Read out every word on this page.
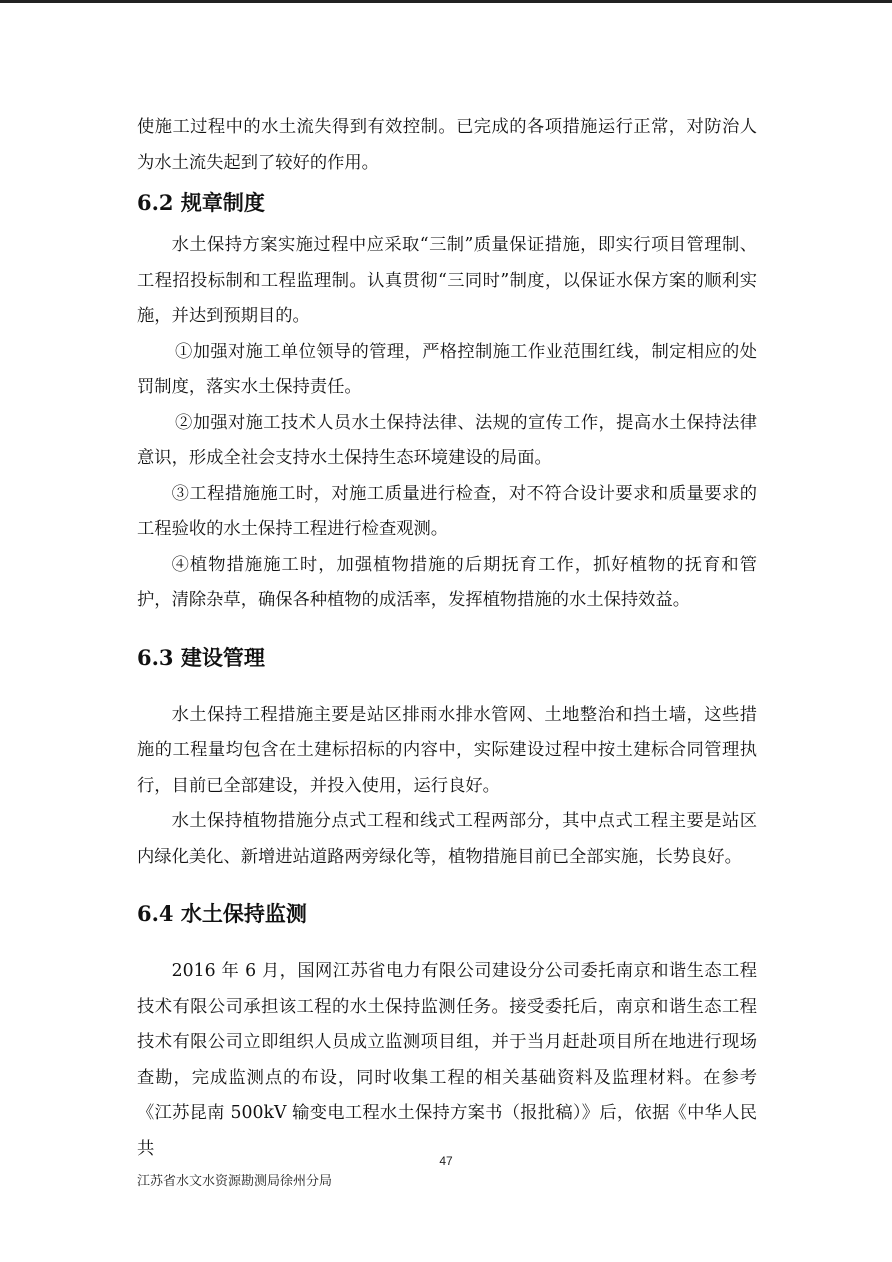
使施工过程中的水土流失得到有效控制。已完成的各项措施运行正常，对防治人为水土流失起到了较好的作用。

6.2 规章制度

水土保持方案实施过程中应采取“三制”质量保证措施，即实行项目管理制、工程招投标制和工程监理制。认真贯彻“三同时”制度，以保证水保方案的顺利实施，并达到预期目的。

①加强对施工单位领导的管理，严格控制施工作业范围红线，制定相应的处罚制度，落实水土保持责任。

②加强对施工技术人员水土保持法律、法规的宣传工作，提高水土保持法律意识，形成全社会支持水土保持生态环境建设的局面。

③工程措施施工时，对施工质量进行检查，对不符合设计要求和质量要求的工程验收的水土保持工程进行检查观测。

④植物措施施工时，加强植物措施的后期抚育工作，抓好植物的抚育和管护，清除杂草，确保各种植物的成活率，发挥植物措施的水土保持效益。

6.3 建设管理

水土保持工程措施主要是站区排雨水排水管网、土地整治和挡土墙，这些措施的工程量均包含在土建标招标的内容中，实际建设过程中按土建标合同管理执行，目前已全部建设，并投入使用，运行良好。

水土保持植物措施分点式工程和线式工程两部分，其中点式工程主要是站区内绿化美化、新增进站道路两旁绿化等，植物措施目前已全部实施，长势良好。

6.4 水土保持监测

2016 年 6 月，国网江苏省电力有限公司建设分公司委托南京和谐生态工程技术有限公司承担该工程的水土保持监测任务。接受委托后，南京和谐生态工程技术有限公司立即组织人员成立监测项目组，并于当月赶赴项目所在地进行现场查勘，完成监测点的布设，同时收集工程的相关基础资料及监理材料。在参考《江苏昆南 500kV 输变电工程水土保持方案书（报批稿）》后，依据《中华人民共

47
江苏省水文水资源勘测局徐州分局
